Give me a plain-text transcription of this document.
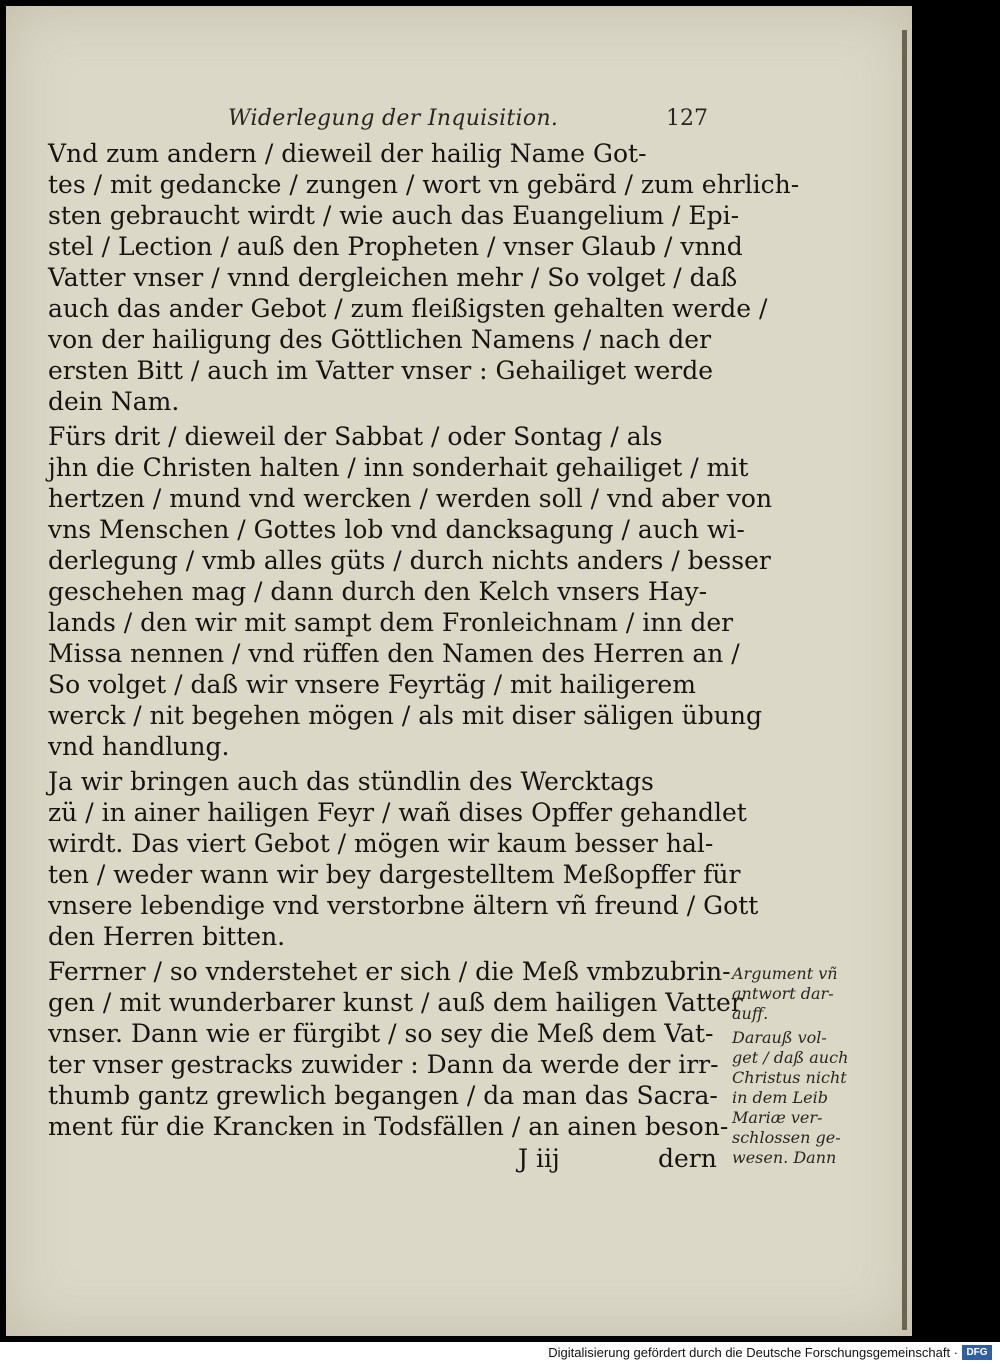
Widerlegung der Inquisition.	127
Vnd zum andern / dieweil der hailig Name Got-
tes / mit gedancke / zungen / wort vn gebärd / zum ehrlich-
sten gebraucht wirdt / wie auch das Euangelium / Epi-
stel / Lection / auß den Propheten / vnser Glaub / vnnd
Vatter vnser / vnnd dergleichen mehr / So volget / daß
auch das ander Gebot / zum fleißigsten gehalten werde /
von der hailigung des Göttlichen Namens / nach der
ersten Bitt / auch im Vatter vnser : Gehailiget werde
dein Nam.
Fürs drit / dieweil der Sabbat / oder Sontag / als
jhn die Christen halten / inn sonderhait gehailiget / mit
hertzen / mund vnd wercken / werden soll / vnd aber von
vns Menschen / Gottes lob vnd dancksagung / auch wi-
derlegung / vmb alles güts / durch nichts anders / besser
geschehen mag / dann durch den Kelch vnsers Hay-
lands / den wir mit sampt dem Fronleichnam / inn der
Missa nennen / vnd rüffen den Namen des Herren an /
So volget / daß wir vnsere Feyrtäg / mit hailigerem
werck / nit begehen mögen / als mit diser säligen übung
vnd handlung.
Ja wir bringen auch das stündlin des Wercktags
zü / in ainer hailigen Feyr / wañ dises Opffer gehandlet
wirdt. Das viert Gebot / mögen wir kaum besser hal-
ten / weder wann wir bey dargestelltem Meßopffer für
vnsere lebendige vnd verstorbne ältern vñ freund / Gott
den Herren bitten.
Ferrner / so vnderstehet er sich / die Meß vmbzubrin-
gen / mit wunderbarer kunst / auß dem hailigen Vatter
vnser. Dann wie er fürgibt / so sey die Meß dem Vat-
ter vnser gestracks zuwider : Dann da werde der irr-
thumb gantz grewlich begangen / da man das Sacra-
ment für die Krancken in Todsfällen / an ainen beson-
J iij	dern
Argument vñ
antwort dar-
auff.
Darauß vol-
get / daß auch
Christus nicht
in dem Leib
Mariæ ver-
schlossen ge-
wesen. Dann
Digitalisierung gefördert durch die Deutsche Forschungsgemeinschaft · DFG
